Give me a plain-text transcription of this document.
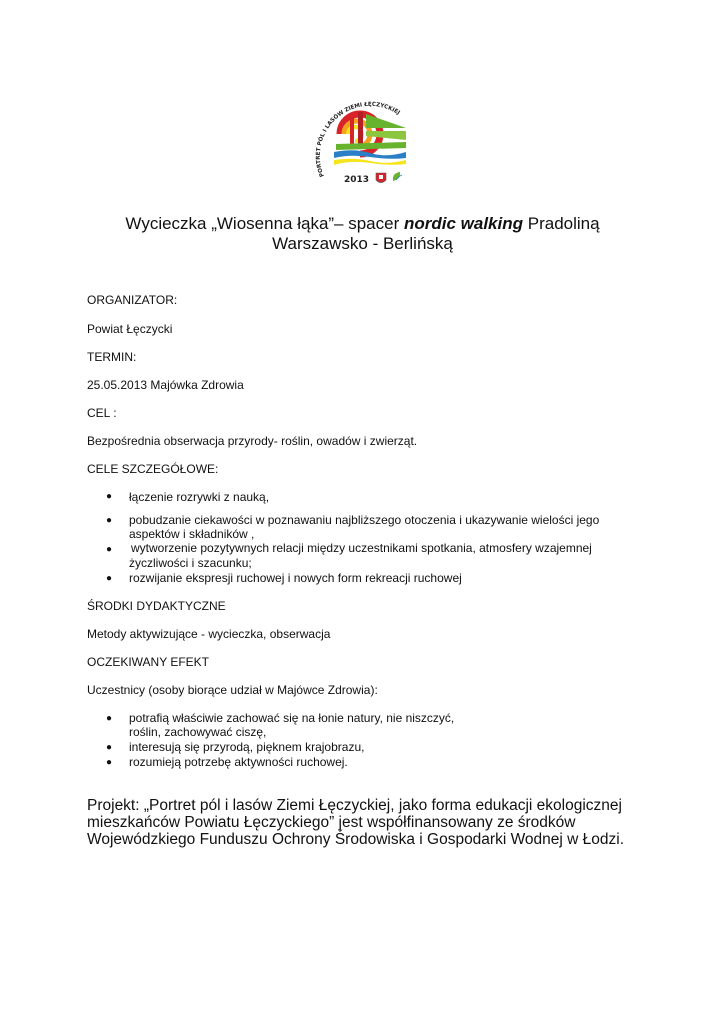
PORTRET PÓL I LASÓW ZIEMI ŁĘCZYCKIEJ
2013
Wycieczka „Wiosenna łąka”– spacer nordic walking Pradoliną
Warszawsko - Berlińską
ORGANIZATOR:
Powiat Łęczycki
TERMIN:
25.05.2013 Majówka Zdrowia
CEL :
Bezpośrednia obserwacja przyrody- roślin, owadów i zwierząt.
CELE SZCZEGÓŁOWE:
● łączenie rozrywki z nauką,
● pobudzanie ciekawości w poznawaniu najbliższego otoczenia i ukazywanie wielości jego
aspektów i składników ,
● wytworzenie pozytywnych relacji między uczestnikami spotkania, atmosfery wzajemnej
życzliwości i szacunku;
● rozwijanie ekspresji ruchowej i nowych form rekreacji ruchowej
ŚRODKI DYDAKTYCZNE
Metody aktywizujące - wycieczka, obserwacja
OCZEKIWANY EFEKT
Uczestnicy (osoby biorące udział w Majówce Zdrowia):
● potrafią właściwie zachować się na łonie natury, nie niszczyć,
roślin, zachowywać ciszę,
● interesują się przyrodą, pięknem krajobrazu,
● rozumieją potrzebę aktywności ruchowej.
Projekt: „Portret pól i lasów Ziemi Łęczyckiej, jako forma edukacji ekologicznej
mieszkańców Powiatu Łęczyckiego” jest współfinansowany ze środków
Wojewódzkiego Funduszu Ochrony Środowiska i Gospodarki Wodnej w Łodzi.
